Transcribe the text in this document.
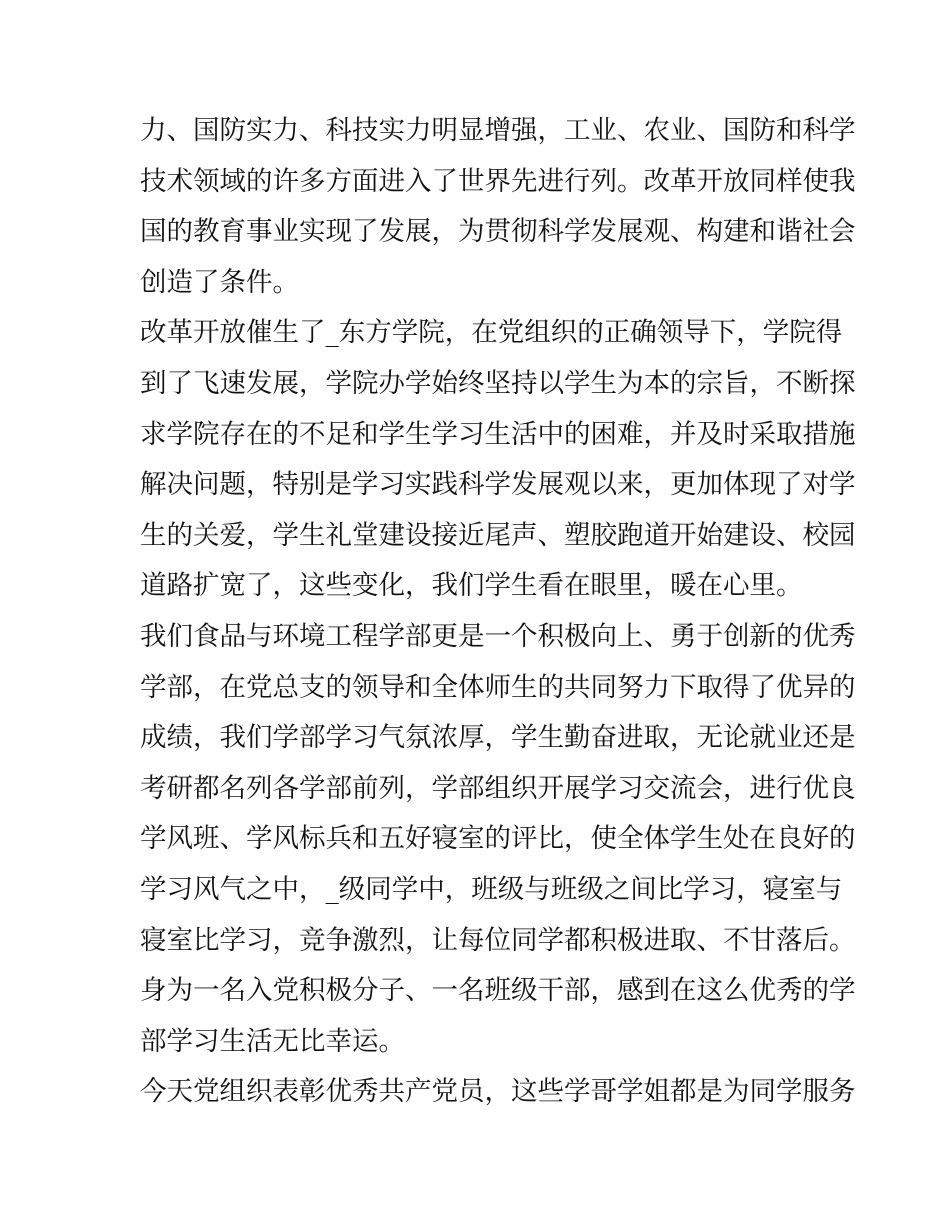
力、国防实力、科技实力明显增强，工业、农业、国防和科学
技术领域的许多方面进入了世界先进行列。改革开放同样使我
国的教育事业实现了发展，为贯彻科学发展观、构建和谐社会
创造了条件。
改革开放催生了_东方学院，在党组织的正确领导下，学院得
到了飞速发展，学院办学始终坚持以学生为本的宗旨，不断探
求学院存在的不足和学生学习生活中的困难，并及时采取措施
解决问题，特别是学习实践科学发展观以来，更加体现了对学
生的关爱，学生礼堂建设接近尾声、塑胶跑道开始建设、校园
道路扩宽了，这些变化，我们学生看在眼里，暖在心里。
我们食品与环境工程学部更是一个积极向上、勇于创新的优秀
学部，在党总支的领导和全体师生的共同努力下取得了优异的
成绩，我们学部学习气氛浓厚，学生勤奋进取，无论就业还是
考研都名列各学部前列，学部组织开展学习交流会，进行优良
学风班、学风标兵和五好寝室的评比，使全体学生处在良好的
学习风气之中，_级同学中，班级与班级之间比学习，寝室与
寝室比学习，竞争激烈，让每位同学都积极进取、不甘落后。
身为一名入党积极分子、一名班级干部，感到在这么优秀的学
部学习生活无比幸运。
今天党组织表彰优秀共产党员，这些学哥学姐都是为同学服务
